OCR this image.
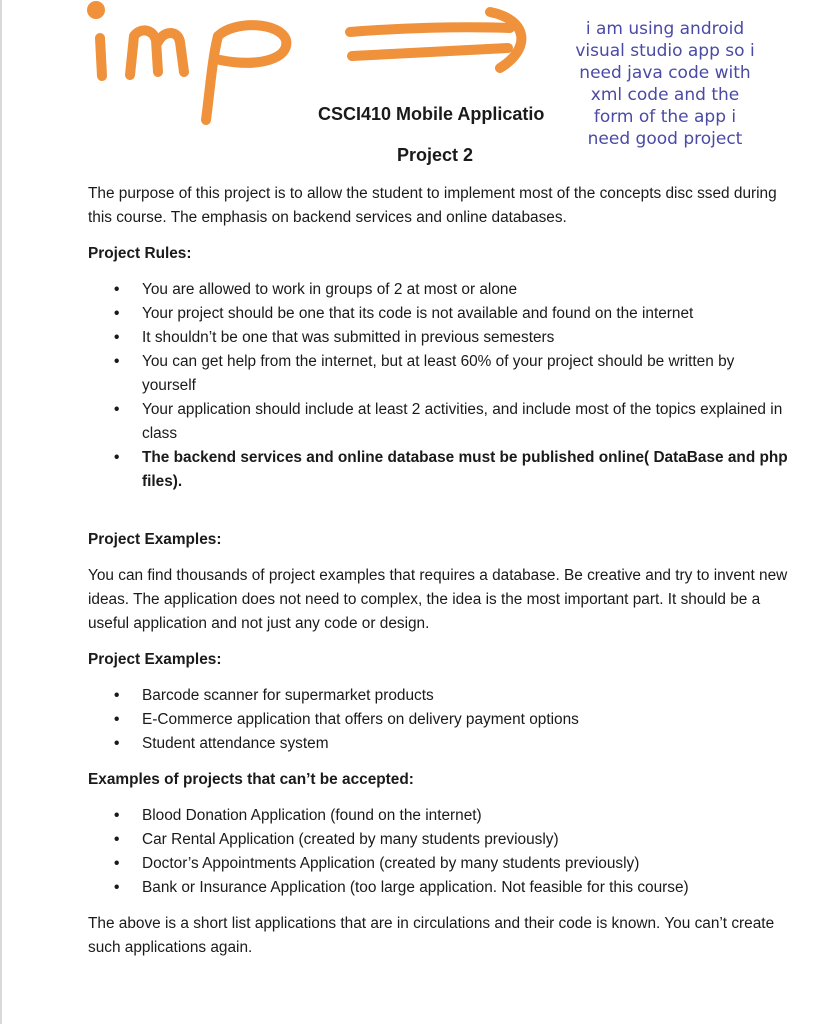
i am using android
visual studio app so i
need java code with
xml code and the
form of the app i
need good project
CSCI410 Mobile Applicatio
Project 2

The purpose of this project is to allow the student to implement most of the concepts disc ssed during this course. The emphasis on backend services and online databases.

Project Rules:

• You are allowed to work in groups of 2 at most or alone
• Your project should be one that its code is not available and found on the internet
• It shouldn’t be one that was submitted in previous semesters
• You can get help from the internet, but at least 60% of your project should be written by yourself
• Your application should include at least 2 activities, and include most of the topics explained in class
• The backend services and online database must be published online( DataBase and php files).

Project Examples:

You can find thousands of project examples that requires a database. Be creative and try to invent new ideas. The application does not need to complex, the idea is the most important part. It should be a useful application and not just any code or design.

Project Examples:

• Barcode scanner for supermarket products
• E-Commerce application that offers on delivery payment options
• Student attendance system

Examples of projects that can’t be accepted:

• Blood Donation Application (found on the internet)
• Car Rental Application (created by many students previously)
• Doctor’s Appointments Application (created by many students previously)
• Bank or Insurance Application (too large application. Not feasible for this course)

The above is a short list applications that are in circulations and their code is known. You can’t create such applications again.
